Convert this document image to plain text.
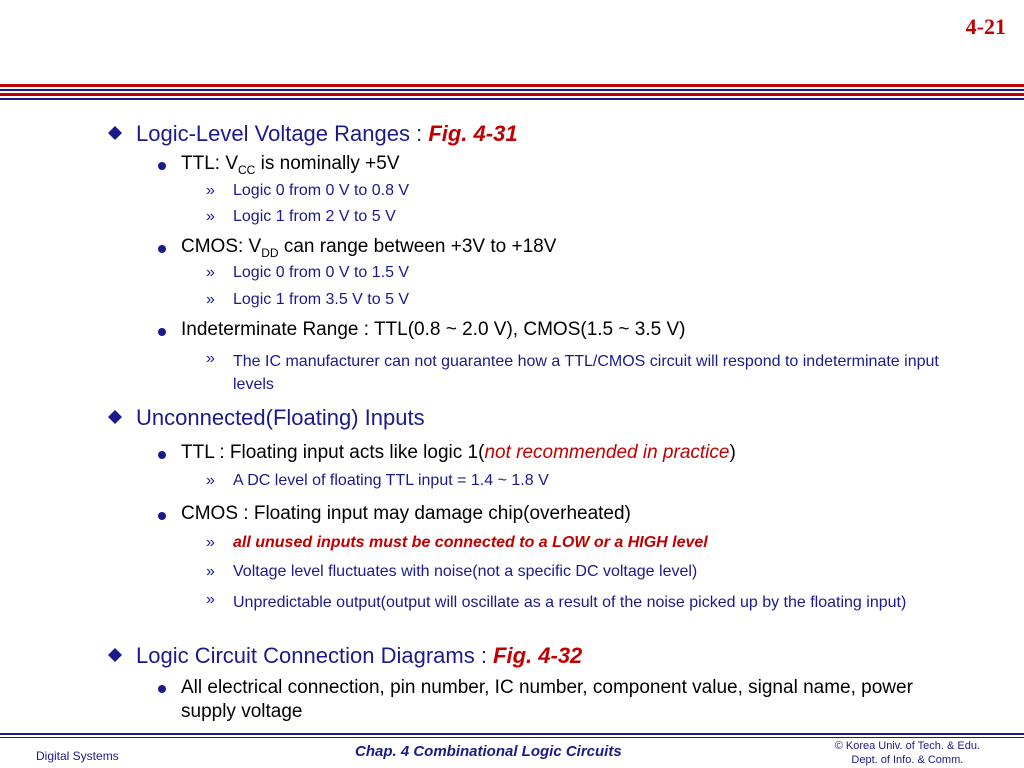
4-21
Logic-Level Voltage Ranges : Fig. 4-31
TTL: $V_{CC}$ is nominally +5V
» Logic 0 from 0 V to 0.8 V
» Logic 1 from 2 V to 5 V
CMOS: $V_{DD}$ can range between +3V to +18V
» Logic 0 from 0 V to 1.5 V
» Logic 1 from 3.5 V to 5 V
Indeterminate Range : TTL(0.8 ~ 2.0 V), CMOS(1.5 ~ 3.5 V)
» The IC manufacturer can not guarantee how a TTL/CMOS circuit will respond to indeterminate input levels
Unconnected(Floating) Inputs
TTL : Floating input acts like logic 1(not recommended in practice)
» A DC level of floating TTL input = 1.4 ~ 1.8 V
CMOS : Floating input may damage chip(overheated)
» all unused inputs must be connected to a LOW or a HIGH level
» Voltage level fluctuates with noise(not a specific DC voltage level)
» Unpredictable output(output will oscillate as a result of the noise picked up by the floating input)
Logic Circuit Connection Diagrams : Fig. 4-32
All electrical connection, pin number, IC number, component value, signal name, power supply voltage
Digital Systems	Chap. 4 Combinational Logic Circuits	© Korea Univ. of Tech. & Edu.
Dept. of Info. & Comm.
